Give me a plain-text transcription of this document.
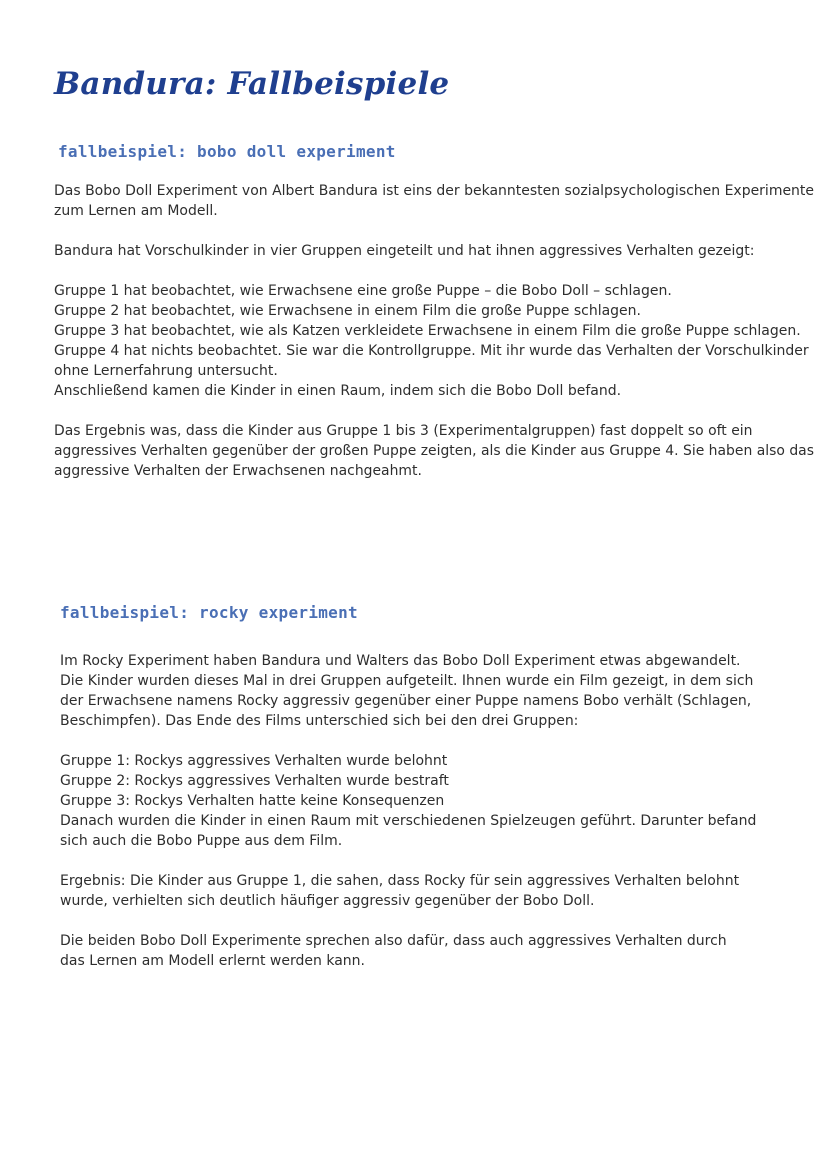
Bandura: Fallbeispiele
fallbeispiel: bobo doll experiment
Das Bobo Doll Experiment von Albert Bandura ist eins der bekanntesten sozialpsychologischen Experimente
zum Lernen am Modell.
Bandura hat Vorschulkinder in vier Gruppen eingeteilt und hat ihnen aggressives Verhalten gezeigt:
Gruppe 1 hat beobachtet, wie Erwachsene eine große Puppe – die Bobo Doll – schlagen.
Gruppe 2 hat beobachtet, wie Erwachsene in einem Film die große Puppe schlagen.
Gruppe 3 hat beobachtet, wie als Katzen verkleidete Erwachsene in einem Film die große Puppe schlagen.
Gruppe 4 hat nichts beobachtet. Sie war die Kontrollgruppe. Mit ihr wurde das Verhalten der Vorschulkinder
ohne Lernerfahrung untersucht.
Anschließend kamen die Kinder in einen Raum, indem sich die Bobo Doll befand.
Das Ergebnis was, dass die Kinder aus Gruppe 1 bis 3 (Experimentalgruppen) fast doppelt so oft ein
aggressives Verhalten gegenüber der großen Puppe zeigten, als die Kinder aus Gruppe 4. Sie haben also das
aggressive Verhalten der Erwachsenen nachgeahmt.
fallbeispiel: rocky experiment
Im Rocky Experiment haben Bandura und Walters das Bobo Doll Experiment etwas abgewandelt.
Die Kinder wurden dieses Mal in drei Gruppen aufgeteilt. Ihnen wurde ein Film gezeigt, in dem sich
der Erwachsene namens Rocky aggressiv gegenüber einer Puppe namens Bobo verhält (Schlagen,
Beschimpfen). Das Ende des Films unterschied sich bei den drei Gruppen:
Gruppe 1: Rockys aggressives Verhalten wurde belohnt
Gruppe 2: Rockys aggressives Verhalten wurde bestraft
Gruppe 3: Rockys Verhalten hatte keine Konsequenzen
Danach wurden die Kinder in einen Raum mit verschiedenen Spielzeugen geführt. Darunter befand
sich auch die Bobo Puppe aus dem Film.
Ergebnis: Die Kinder aus Gruppe 1, die sahen, dass Rocky für sein aggressives Verhalten belohnt
wurde, verhielten sich deutlich häufiger aggressiv gegenüber der Bobo Doll.
Die beiden Bobo Doll Experimente sprechen also dafür, dass auch aggressives Verhalten durch
das Lernen am Modell erlernt werden kann.
